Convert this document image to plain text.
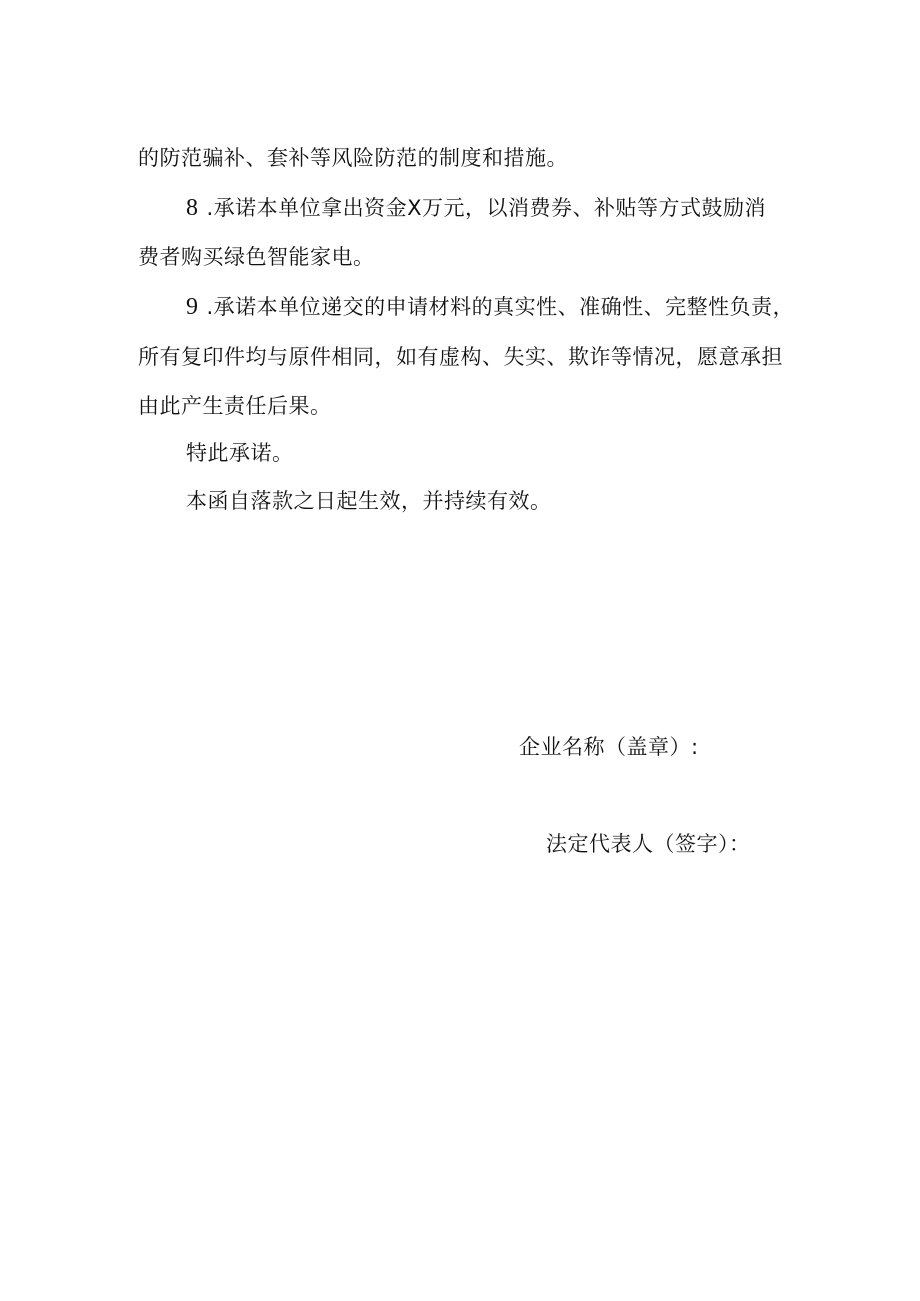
的防范骗补、套补等风险防范的制度和措施。
8 .承诺本单位拿出资金X万元，以消费券、补贴等方式鼓励消
费者购买绿色智能家电。
9 .承诺本单位递交的申请材料的真实性、准确性、完整性负责，
所有复印件均与原件相同，如有虚构、失实、欺诈等情况，愿意承担
由此产生责任后果。
特此承诺。
本函自落款之日起生效，并持续有效。
企业名称（盖章）:
法定代表人（签字）：
